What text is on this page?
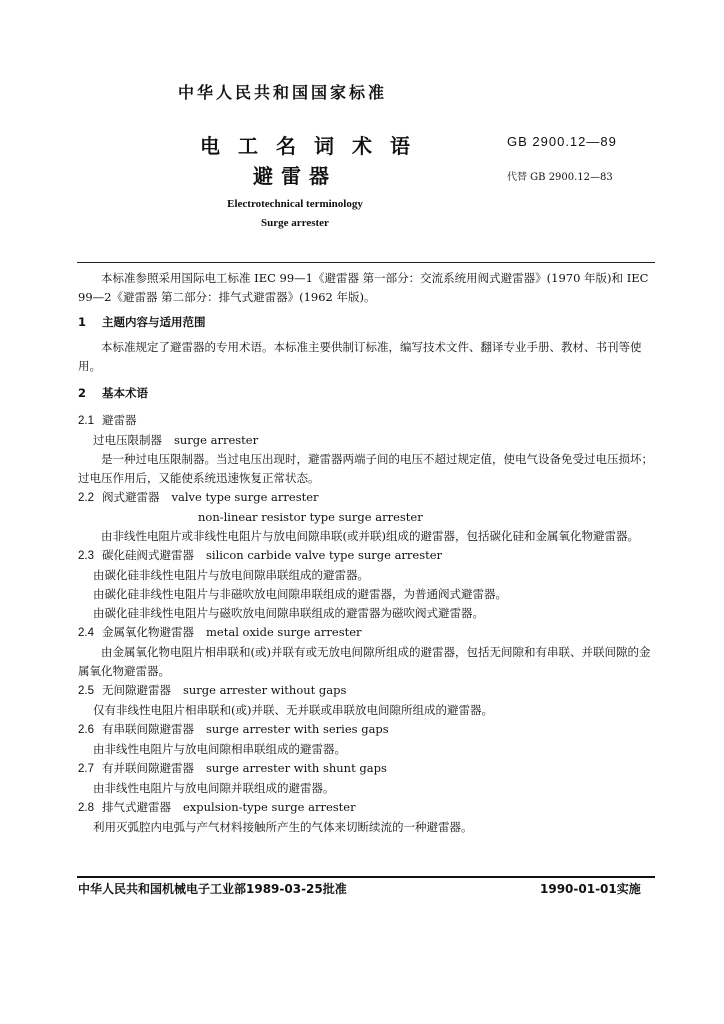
中华人民共和国国家标准
电工名词术语
避雷器
GB 2900.12—89
代替 GB 2900.12—83
Electrotechnical terminology
Surge arrester

本标准参照采用国际电工标准 IEC 99—1《避雷器 第一部分：交流系统用阀式避雷器》(1970 年版)和 IEC 99—2《避雷器 第二部分：排气式避雷器》(1962 年版)。

1 主题内容与适用范围

本标准规定了避雷器的专用术语。本标准主要供制订标准，编写技术文件、翻译专业手册、教材、书刊等使用。

2 基本术语

2.1 避雷器

过电压限制器 surge arrester

是一种过电压限制器。当过电压出现时，避雷器两端子间的电压不超过规定值，使电气设备免受过电压损坏；过电压作用后，又能使系统迅速恢复正常状态。

2.2 阀式避雷器 valve type surge arrester

non-linear resistor type surge arrester

由非线性电阻片或非线性电阻片与放电间隙串联(或并联)组成的避雷器，包括碳化硅和金属氧化物避雷器。

2.3 碳化硅阀式避雷器 silicon carbide valve type surge arrester

由碳化硅非线性电阻片与放电间隙串联组成的避雷器。

由碳化硅非线性电阻片与非磁吹放电间隙串联组成的避雷器，为普通阀式避雷器。

由碳化硅非线性电阻片与磁吹放电间隙串联组成的避雷器为磁吹阀式避雷器。

2.4 金属氧化物避雷器 metal oxide surge arrester

由金属氧化物电阻片相串联和(或)并联有或无放电间隙所组成的避雷器，包括无间隙和有串联、并联间隙的金属氧化物避雷器。

2.5 无间隙避雷器 surge arrester without gaps

仅有非线性电阻片相串联和(或)并联、无并联或串联放电间隙所组成的避雷器。

2.6 有串联间隙避雷器 surge arrester with series gaps

由非线性电阻片与放电间隙相串联组成的避雷器。

2.7 有并联间隙避雷器 surge arrester with shunt gaps

由非线性电阻片与放电间隙并联组成的避雷器。

2.8 排气式避雷器 expulsion-type surge arrester

利用灭弧腔内电弧与产气材料接触所产生的气体来切断续流的一种避雷器。

中华人民共和国机械电子工业部1989-03-25批准	1990-01-01实施
